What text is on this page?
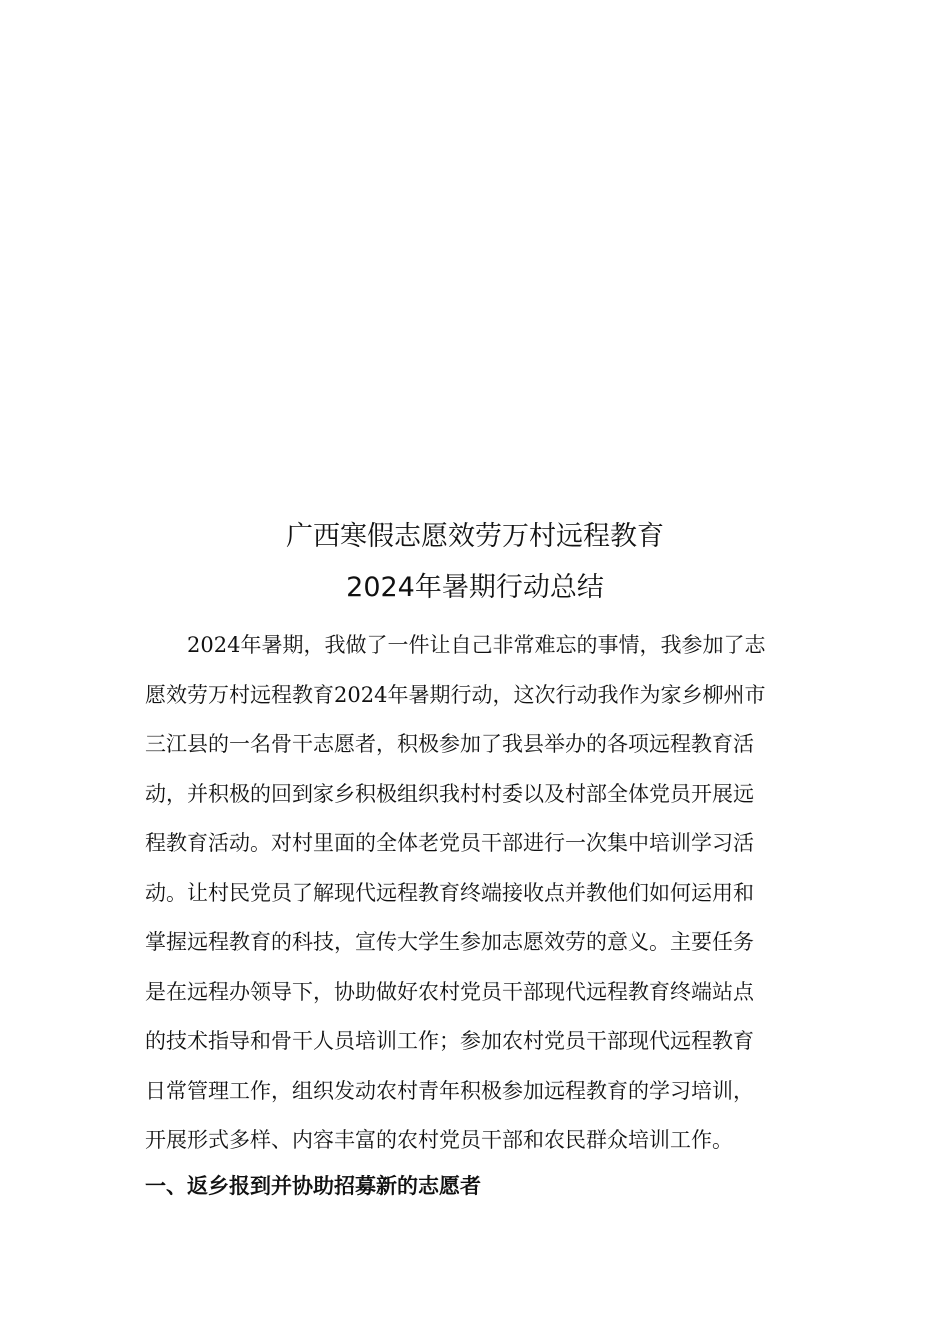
广西寒假志愿效劳万村远程教育
2024年暑期行动总结
2024年暑期，我做了一件让自己非常难忘的事情，我参加了志
愿效劳万村远程教育2024年暑期行动，这次行动我作为家乡柳州市
三江县的一名骨干志愿者，积极参加了我县举办的各项远程教育活
动，并积极的回到家乡积极组织我村村委以及村部全体党员开展远
程教育活动。对村里面的全体老党员干部进行一次集中培训学习活
动。让村民党员了解现代远程教育终端接收点并教他们如何运用和
掌握远程教育的科技，宣传大学生参加志愿效劳的意义。主要任务
是在远程办领导下，协助做好农村党员干部现代远程教育终端站点
的技术指导和骨干人员培训工作；参加农村党员干部现代远程教育
日常管理工作，组织发动农村青年积极参加远程教育的学习培训，
开展形式多样、内容丰富的农村党员干部和农民群众培训工作。
一、返乡报到并协助招募新的志愿者
